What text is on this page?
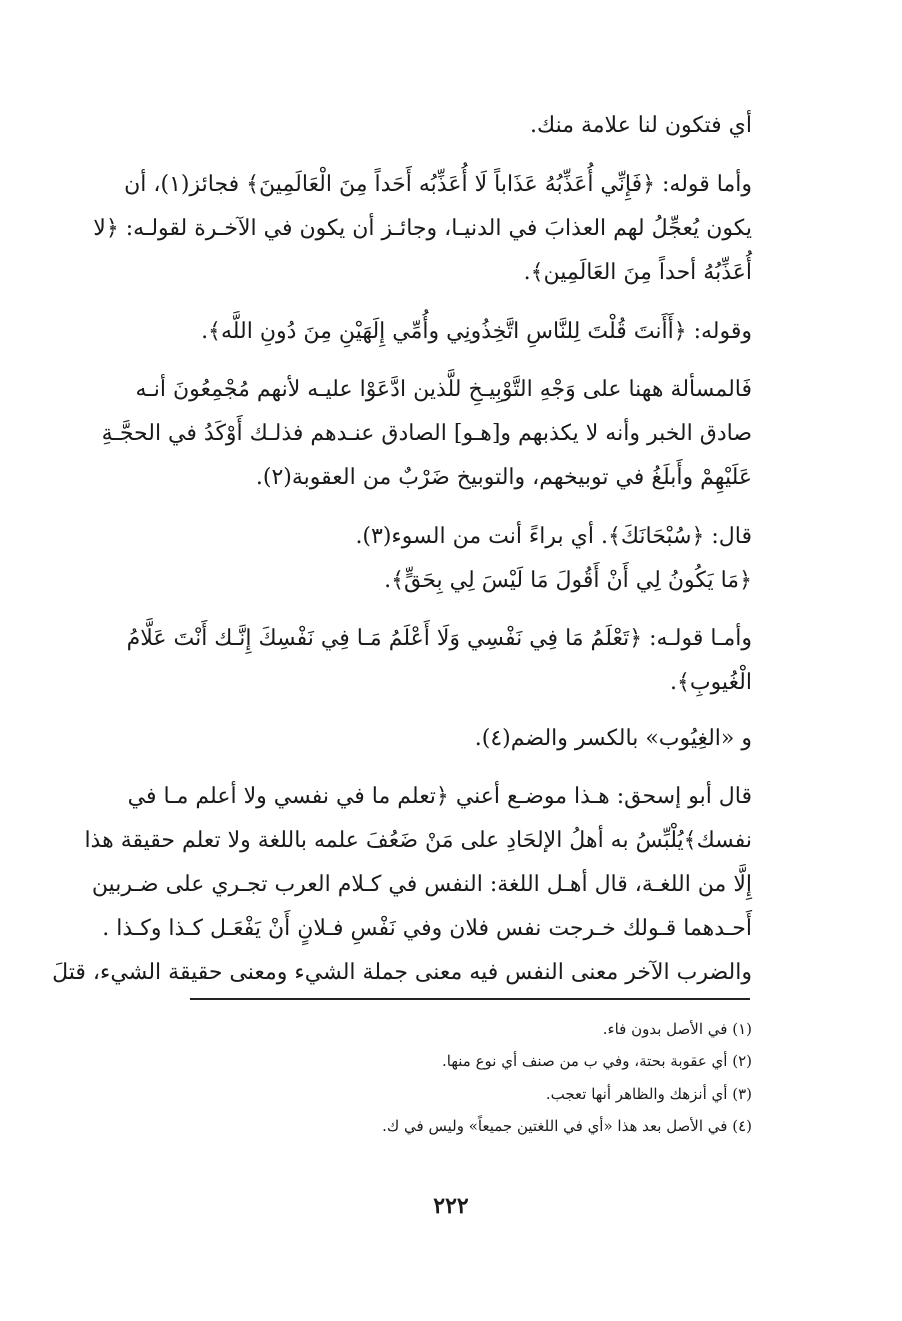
أي فتكون لنا علامة منك.
وأما قوله: ﴿فَإِنِّي أُعَذِّبُهُ عَذَاباً لَا أُعَذِّبُه أَحَداً مِنَ الْعَالَمِينَ﴾ فجائز(١)، أن
يكون يُعجِّلُ لهم العذابَ في الدنيـا، وجائـز أن يكون في الآخـرة لقولـه: ﴿لا
أُعَذِّبُهُ أحداً مِنَ العَالَمِين﴾.
وقوله: ﴿أَأَنتَ قُلْتَ لِلنَّاسِ اتَّخِذُونِي وأُمِّي إِلَهَيْنِ مِنَ دُونِ اللَّه﴾.
فَالمسألة ههنا على وَجْهِ التَّوْبِيـخِ للَّذين ادَّعَوْا عليـه لأنهم مُجْمِعُونَ أنـه
صادق الخبر وأنه لا يكذبهم و[هـو] الصادق عنـدهم فذلـك أَوْكَدُ في الحجَّـةِ
عَلَيْهِمْ وأَبلَغُ في توبيخهم، والتوبيخ ضَرْبٌ من العقوبة(٢).
قال: ﴿سُبْحَانَكَ﴾. أي براءً أنت من السوء(٣).
﴿مَا يَكُونُ لِي أَنْ أَقُولَ مَا لَيْسَ لِي بِحَقٍّ﴾.
وأمـا قولـه: ﴿تَعْلَمُ مَا فِي نَفْسِي وَلَا أَعْلَمُ مَـا فِي نَفْسِكَ إِنَّـك أَنْتَ عَلَّامُ
الْغُيوبِ﴾.
و «الغِيُوب» بالكسر والضم(٤).
قال أبو إسحق: هـذا موضـع أعني ﴿تعلم ما في نفسي ولا أعلم مـا في
نفسك﴾يُلْبِّسُ به أهلُ الإلحَادِ على مَنْ ضَعُفَ علمه باللغة ولا تعلم حقيقة هذا
إِلَّا من اللغـة، قال أهـل اللغة: النفس في كـلام العرب تجـري على ضـربين
أَحـدهما قـولك خـرجت نفس فلان وفي نَفْسِ فـلانٍ أَنْ يَفْعَـل كـذا وكـذا .
والضرب الآخر معنى النفس فيه معنى جملة الشيء ومعنى حقيقة الشيء، قتلَ
(١) في الأصل بدون فاء.
(٢) أي عقوبة بحتة، وفي ب من صنف أي نوع منها.
(٣) أي أنزهك والظاهر أنها تعجب.
(٤) في الأصل بعد هذا «أي في اللغتين جميعاً» وليس في ك.
٢٢٢
